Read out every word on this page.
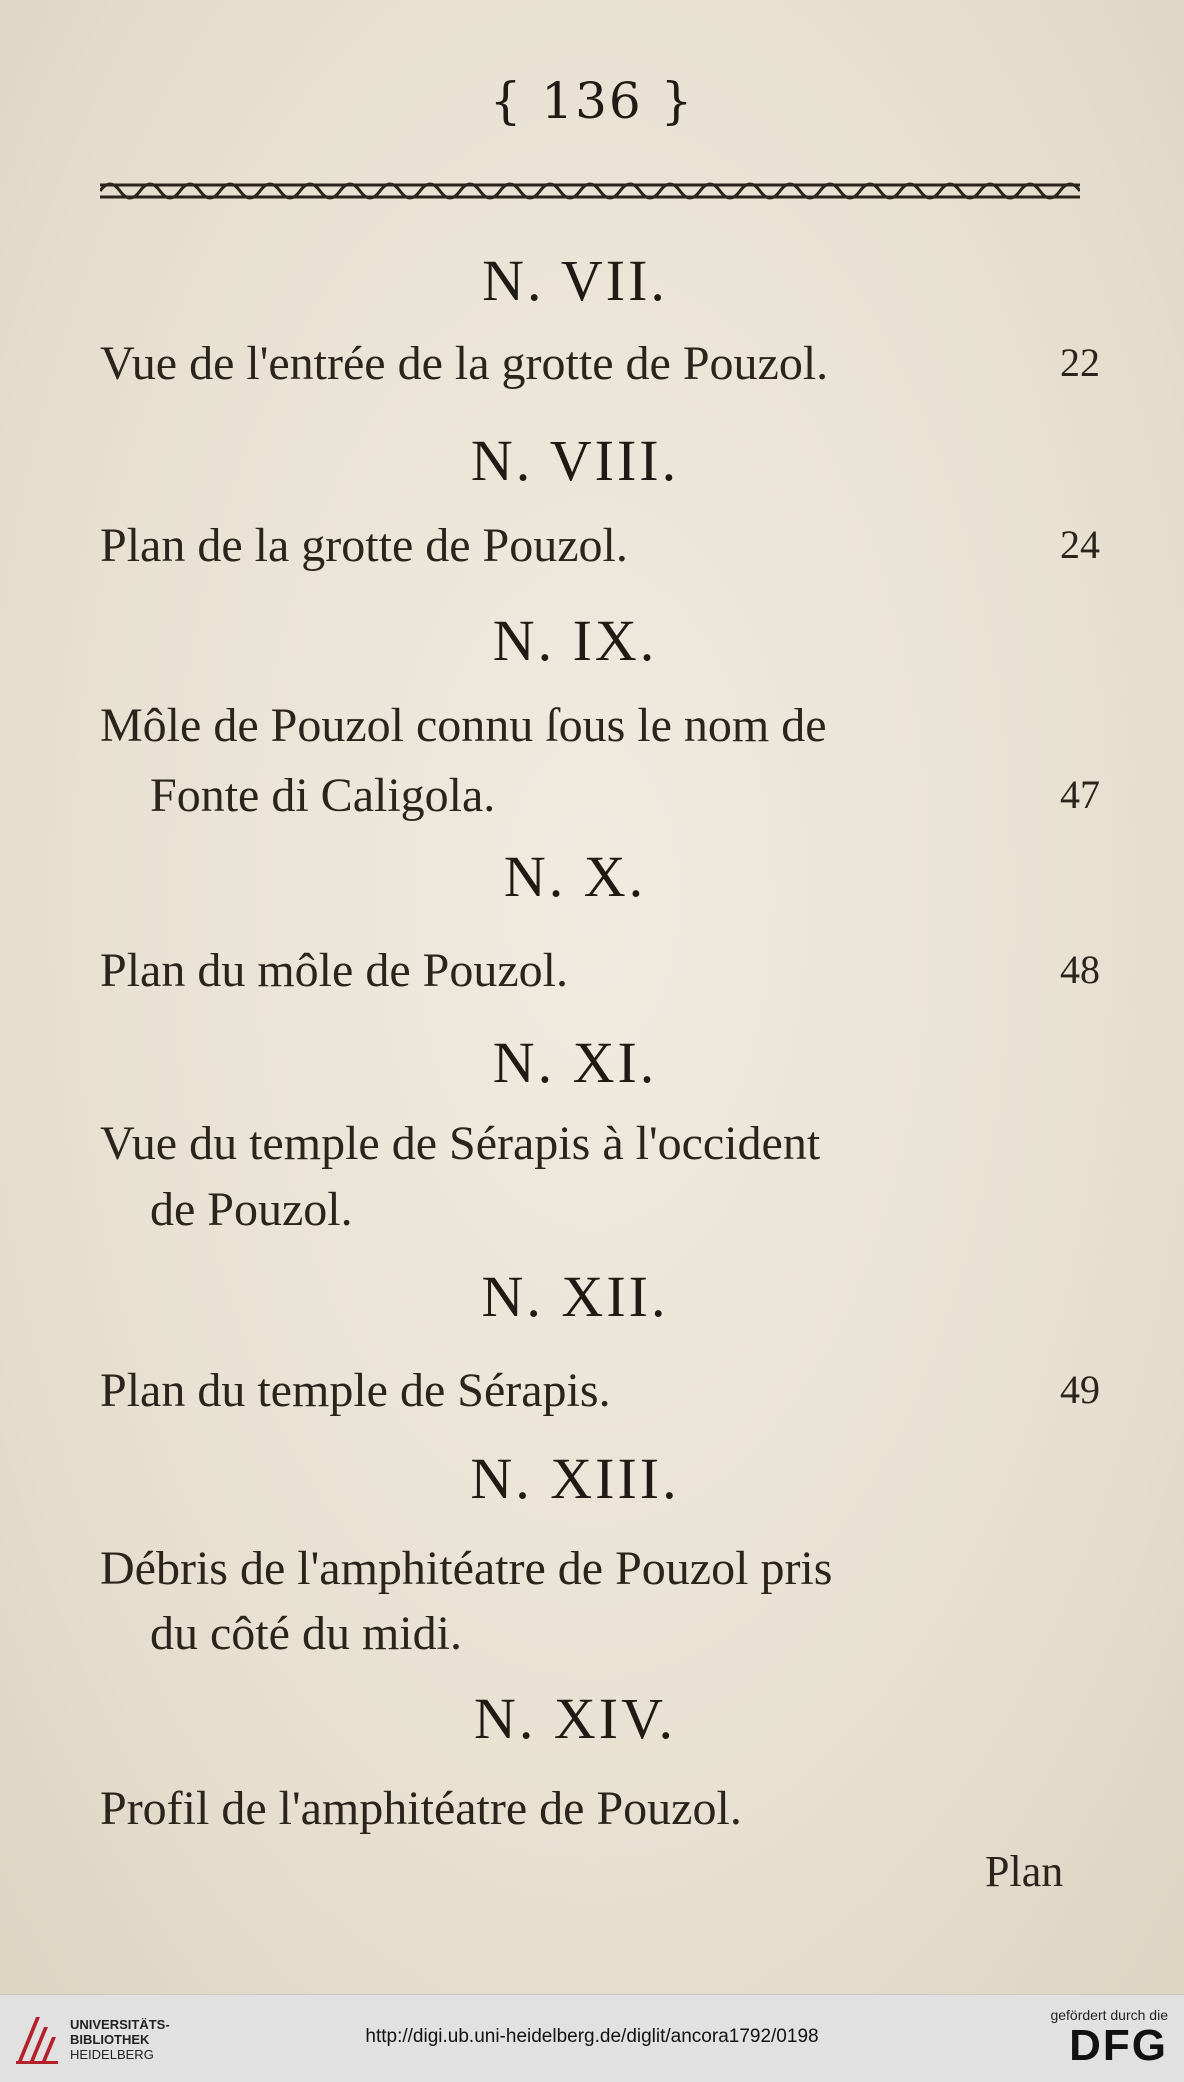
{ 136 }
N. VII.
Vue de l'entrée de la grotte de Pouzol.	22
N. VIII.
Plan de la grotte de Pouzol.	24
N. IX.
Môle de Pouzol connu ſous le nom de
Fonte di Caligola.	47
N. X.
Plan du môle de Pouzol.	48
N. XI.
Vue du temple de Sérapis à l'occident
de Pouzol.
N. XII.
Plan du temple de Sérapis.	49
N. XIII.
Débris de l'amphitéatre de Pouzol pris
du côté du midi.
N. XIV.
Profil de l'amphitéatre de Pouzol.
Plan
UNIVERSITÄTS-
BIBLIOTHEK
HEIDELBERG
http://digi.ub.uni-heidelberg.de/diglit/ancora1792/0198
gefördert durch die
DFG
